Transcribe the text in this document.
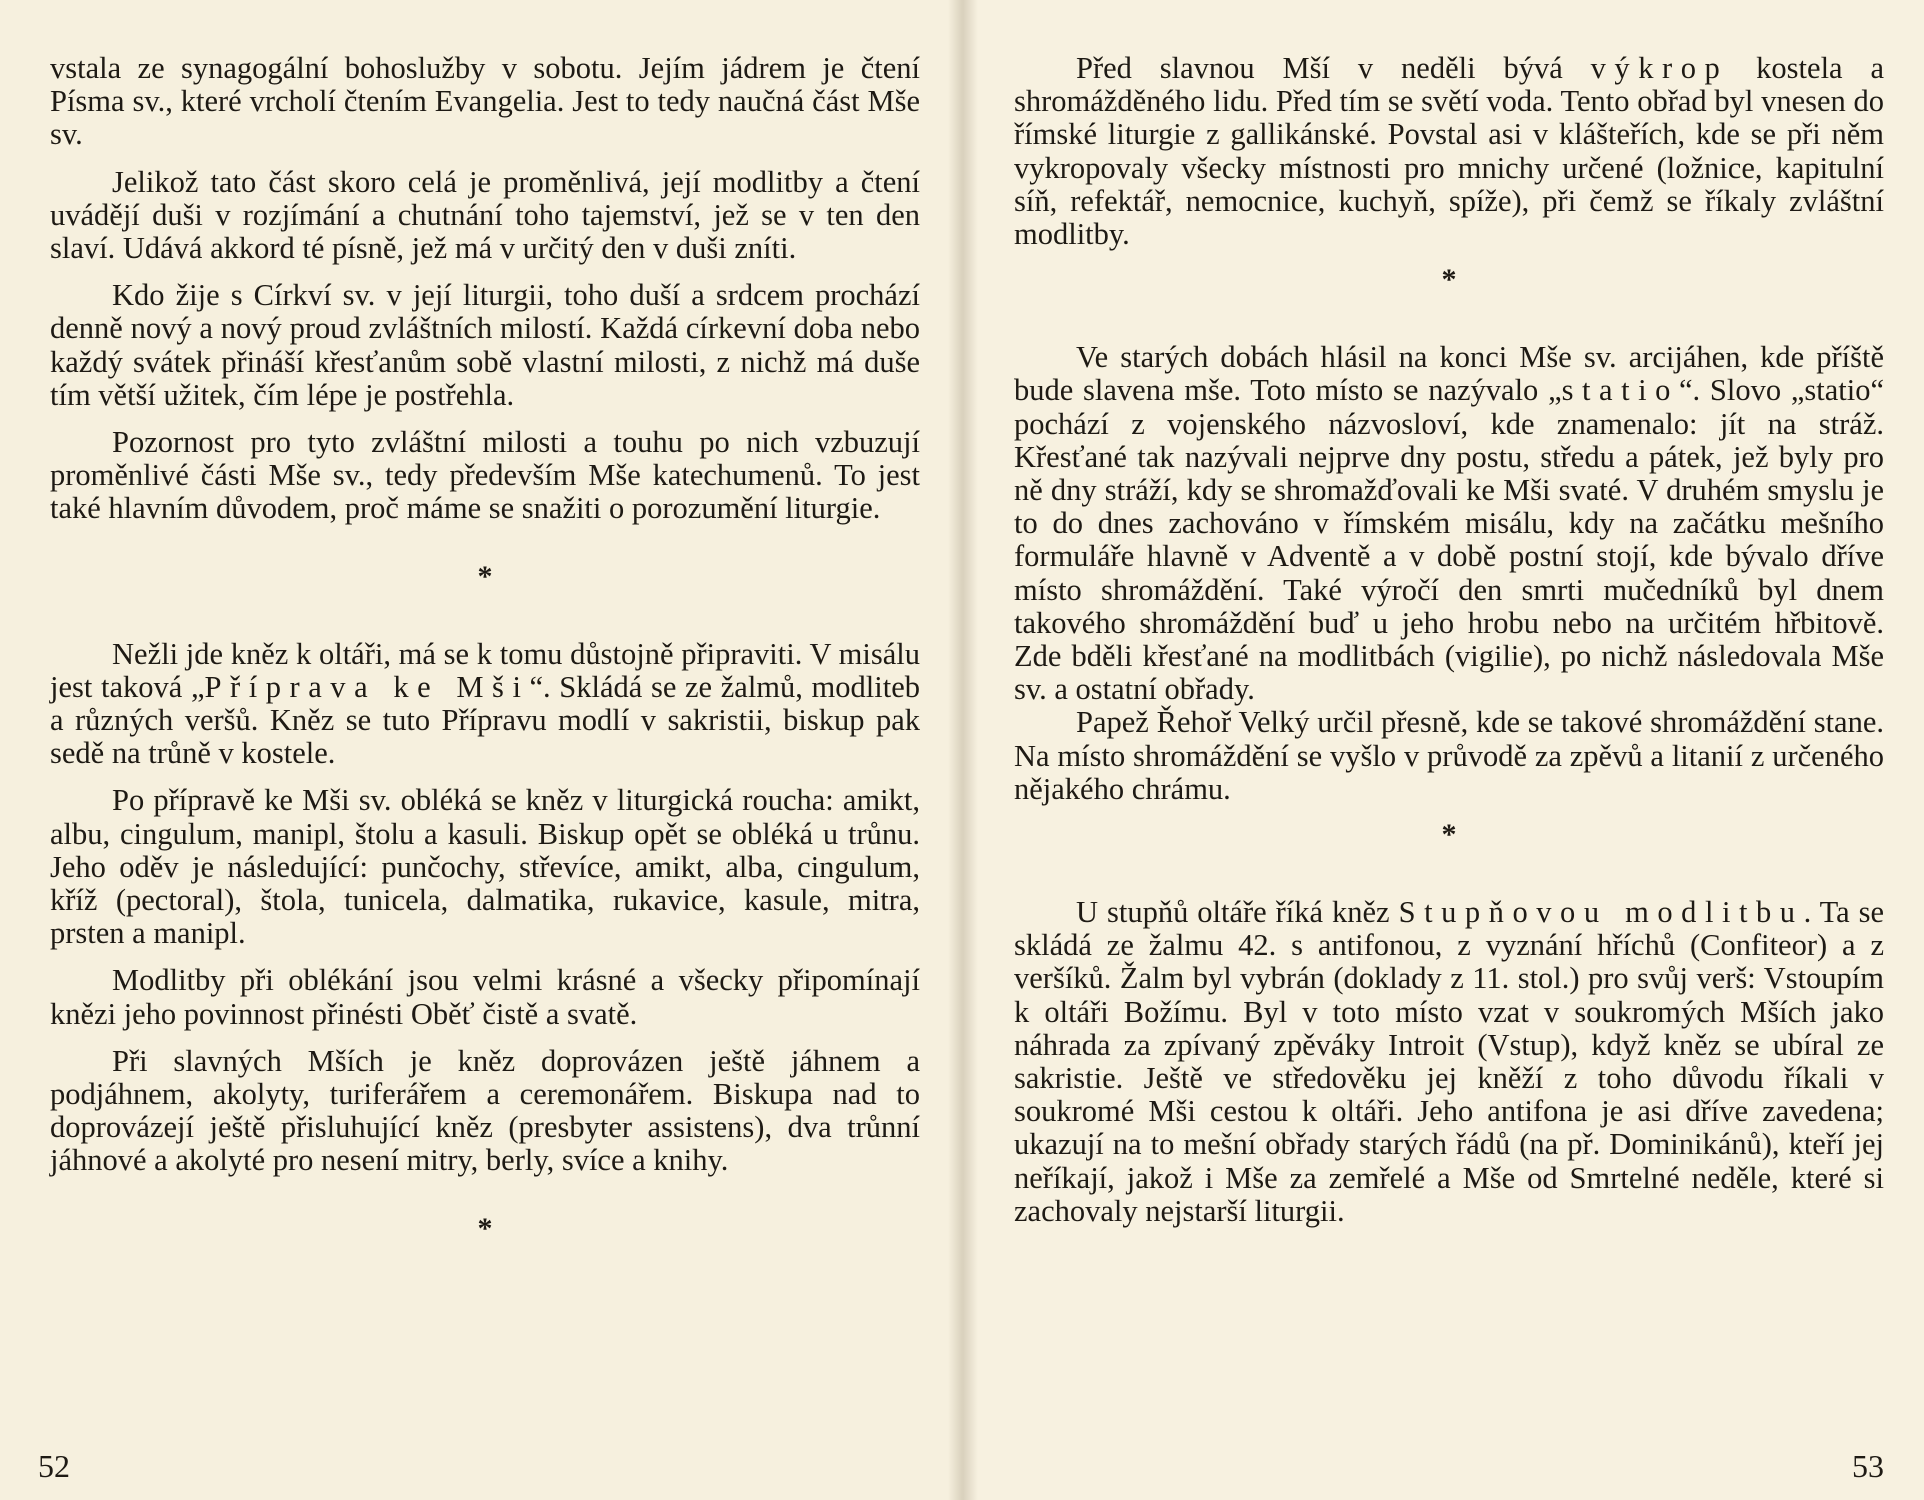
vstala ze synagogální bohoslužby v sobotu. Jejím jádrem je čtení Písma sv., které vrcholí čtením Evangelia. Jest to tedy naučná část Mše sv.

Jelikož tato část skoro celá je proměnlivá, její modlitby a čtení uvádějí duši v rozjímání a chutnání toho tajemství, jež se v ten den slaví. Udává akkord té písně, jež má v určitý den v duši zníti.

Kdo žije s Církví sv. v její liturgii, toho duší a srdcem prochází denně nový a nový proud zvláštních milostí. Každá církevní doba nebo každý svátek přináší křesťanům sobě vlastní milosti, z nichž má duše tím větší užitek, čím lépe je postřehla.

Pozornost pro tyto zvláštní milosti a touhu po nich vzbuzují proměnlivé části Mše sv., tedy především Mše katechumenů. To jest také hlavním důvodem, proč máme se snažiti o porozumění liturgie.

*

Nežli jde kněz k oltáři, má se k tomu důstojně připraviti. V misálu jest taková „Příprava ke Mši“. Skládá se ze žalmů, modliteb a různých veršů. Kněz se tuto Přípravu modlí v sakristii, biskup pak sedě na trůně v kostele.

Po přípravě ke Mši sv. obléká se kněz v liturgická roucha: amikt, albu, cingulum, manipl, štolu a kasuli. Biskup opět se obléká u trůnu. Jeho oděv je následující: punčochy, střevíce, amikt, alba, cingulum, kříž (pectoral), štola, tunicela, dalmatika, rukavice, kasule, mitra, prsten a manipl.

Modlitby při oblékání jsou velmi krásné a všecky připomínají knězi jeho povinnost přinésti Oběť čistě a svatě.

Při slavných Mších je kněz doprovázen ještě jáhnem a podjáhnem, akolyty, turiferářem a ceremonářem. Biskupa nad to doprovázejí ještě přisluhující kněz (presbyter assistens), dva trůnní jáhnové a akolyté pro nesení mitry, berly, svíce a knihy.

*
52

Před slavnou Mší v neděli bývá výkrop kostela a shromážděného lidu. Před tím se světí voda. Tento obřad byl vnesen do římské liturgie z gallikánské. Povstal asi v klášteřích, kde se při něm vykropovaly všecky místnosti pro mnichy určené (ložnice, kapitulní síň, refektář, nemocnice, kuchyň, spíže), při čemž se říkaly zvláštní modlitby.

*

Ve starých dobách hlásil na konci Mše sv. arcijáhen, kde příště bude slavena mše. Toto místo se nazývalo „statio“. Slovo „statio“ pochází z vojenského názvosloví, kde znamenalo: jít na stráž. Křesťané tak nazývali nejprve dny postu, středu a pátek, jež byly pro ně dny stráží, kdy se shromažďovali ke Mši svaté. V druhém smyslu je to do dnes zachováno v římském misálu, kdy na začátku mešního formuláře hlavně v Adventě a v době postní stojí, kde bývalo dříve místo shromáždění. Také výročí den smrti mučedníků byl dnem takového shromáždění buď u jeho hrobu nebo na určitém hřbitově. Zde bděli křesťané na modlitbách (vigilie), po nichž následovala Mše sv. a ostatní obřady.

Papež Řehoř Velký určil přesně, kde se takové shromáždění stane. Na místo shromáždění se vyšlo v průvodě za zpěvů a litanií z určeného nějakého chrámu.

*

U stupňů oltáře říká kněz Stupňovou modlitbu. Ta se skládá ze žalmu 42. s antifonou, z vyznání hříchů (Confiteor) a z veršíků. Žalm byl vybrán (doklady z 11. stol.) pro svůj verš: Vstoupím k oltáři Božímu. Byl v toto místo vzat v soukromých Mších jako náhrada za zpívaný zpěváky Introit (Vstup), když kněz se ubíral ze sakristie. Ještě ve středověku jej kněží z toho důvodu říkali v soukromé Mši cestou k oltáři. Jeho antifona je asi dříve zavedena; ukazují na to mešní obřady starých řádů (na př. Dominikánů), kteří jej neříkají, jakož i Mše za zemřelé a Mše od Smrtelné neděle, které si zachovaly nejstarší liturgii.

53
